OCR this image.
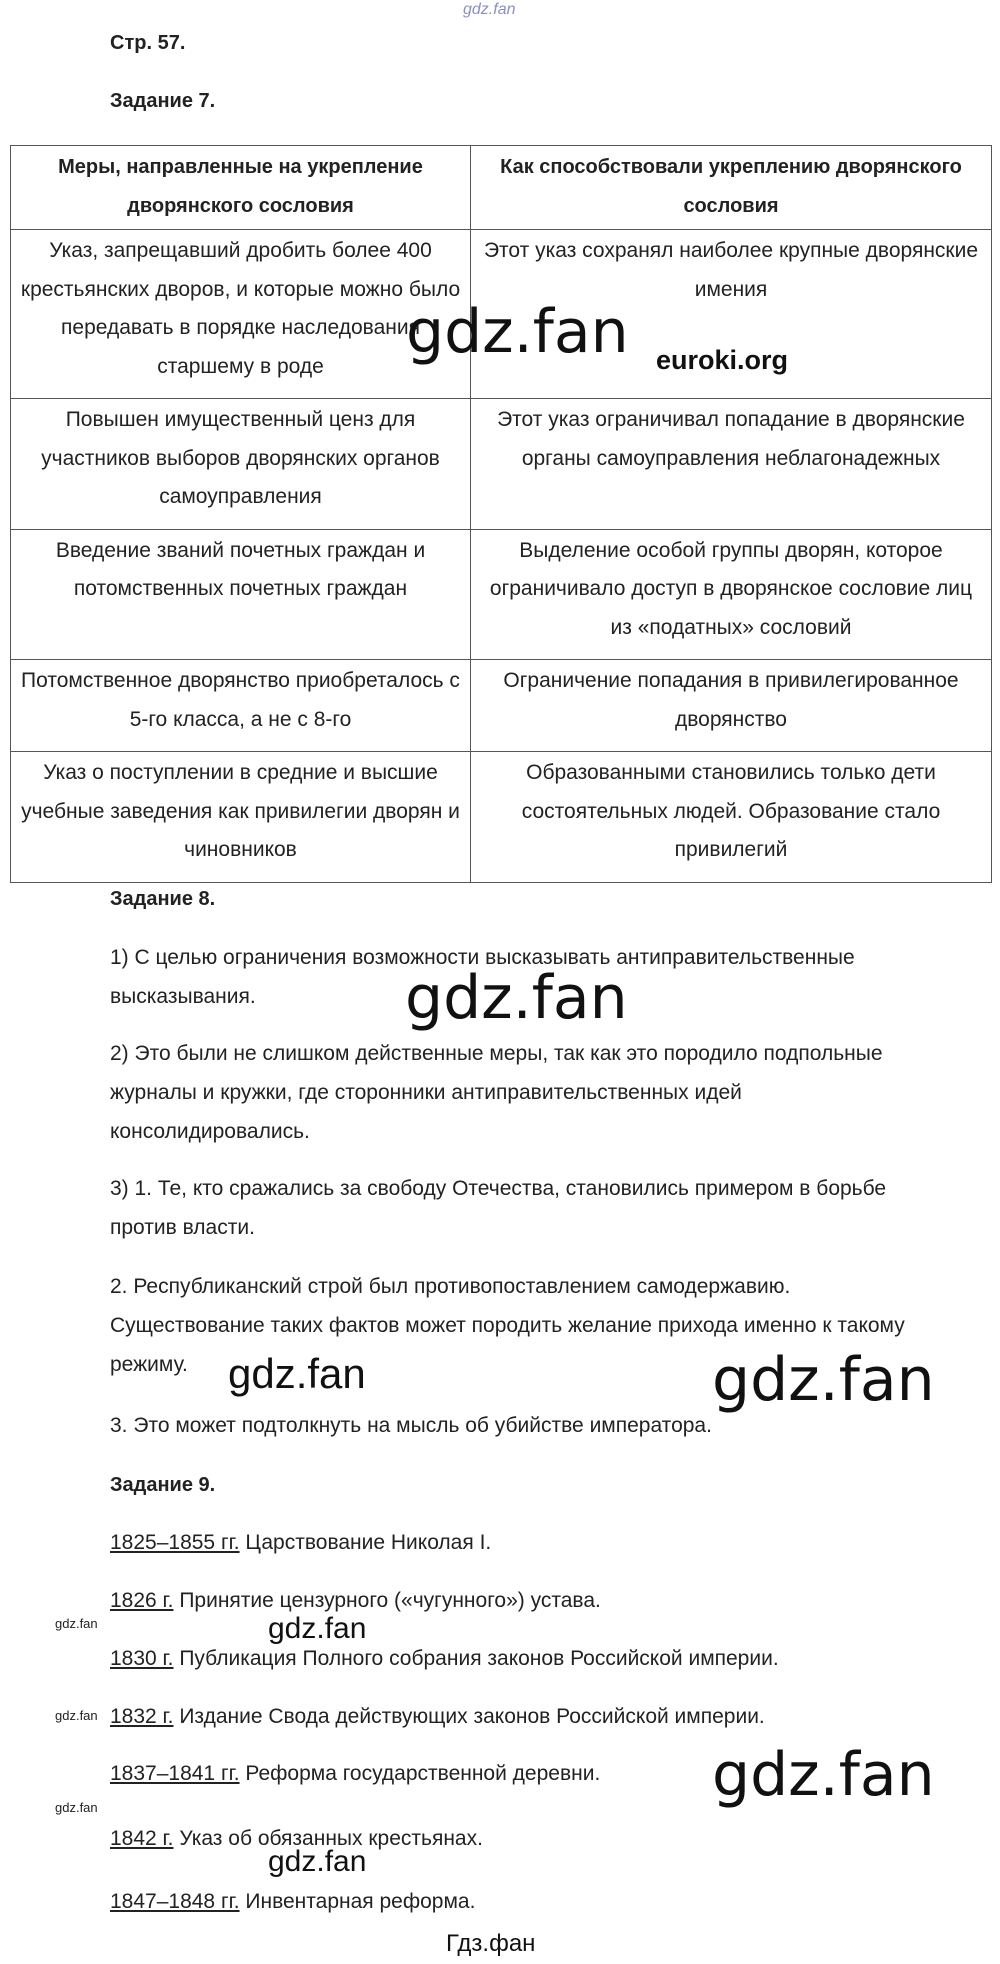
gdz.fan
Стр. 57.
Задание 7.
Меры, направленные на укрепление дворянского сословия	Как способствовали укреплению дворянского сословия
Указ, запрещавший дробить более 400 крестьянских дворов, и которые можно было передавать в порядке наследования старшему в роде	Этот указ сохранял наиболее крупные дворянские имения
Повышен имущественный ценз для участников выборов дворянских органов самоуправления	Этот указ ограничивал попадание в дворянские органы самоуправления неблагонадежных
Введение званий почетных граждан и потомственных почетных граждан	Выделение особой группы дворян, которое ограничивало доступ в дворянское сословие лиц из «податных» сословий
Потомственное дворянство приобреталось с 5-го класса, а не с 8-го	Ограничение попадания в привилегированное дворянство
Указ о поступлении в средние и высшие учебные заведения как привилегии дворян и чиновников	Образованными становились только дети состоятельных людей. Образование стало привилегий
gdz.fan euroki.org
Задание 8.
1) С целью ограничения возможности высказывать антиправительственные
высказывания.
2) Это были не слишком действенные меры, так как это породило подпольные
журналы и кружки, где сторонники антиправительственных идей
консолидировались.
3) 1. Те, кто сражались за свободу Отечества, становились примером в борьбе
против власти.
2. Республиканский строй был противопоставлением самодержавию.
Существование таких фактов может породить желание прихода именно к такому
режиму.
3. Это может подтолкнуть на мысль об убийстве императора.
gdz.fan
gdz.fan	gdz.fan
Задание 9.
1825–1855 гг. Царствование Николая I.
1826 г. Принятие цензурного («чугунного») устава.
1830 г. Публикация Полного собрания законов Российской империи.
1832 г. Издание Свода действующих законов Российской империи.
1837–1841 гг. Реформа государственной деревни.
1842 г. Указ об обязанных крестьянах.
1847–1848 гг. Инвентарная реформа.
gdz.fan
gdz.fan
gdz.fan
gdz.fan
gdz.fan
gdz.fan
Гдз.фан
